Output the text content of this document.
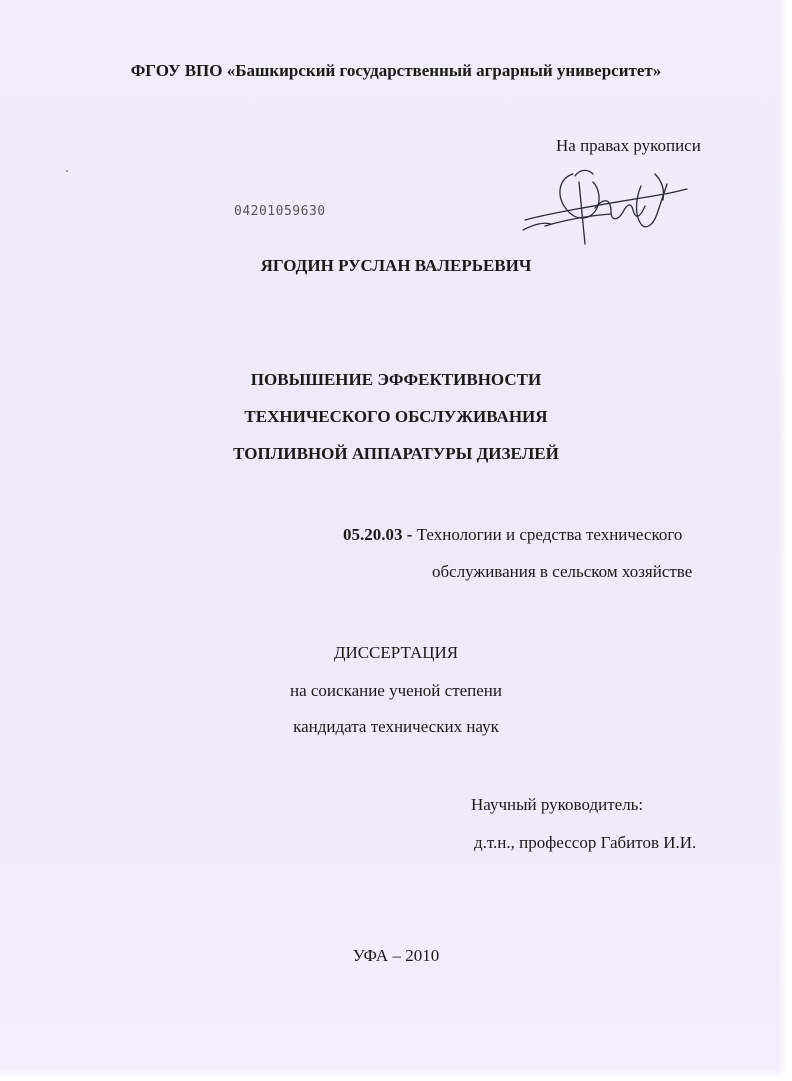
ФГОУ ВПО «Башкирский государственный аграрный университет»
На правах рукописи
04201059630
ЯГОДИН РУСЛАН ВАЛЕРЬЕВИЧ
ПОВЫШЕНИЕ ЭФФЕКТИВНОСТИ
ТЕХНИЧЕСКОГО ОБСЛУЖИВАНИЯ
ТОПЛИВНОЙ АППАРАТУРЫ ДИЗЕЛЕЙ
05.20.03 - Технологии и средства технического
обслуживания в сельском хозяйстве
ДИССЕРТАЦИЯ
на соискание ученой степени
кандидата технических наук
Научный руководитель:
д.т.н., профессор Габитов И.И.
УФА – 2010
